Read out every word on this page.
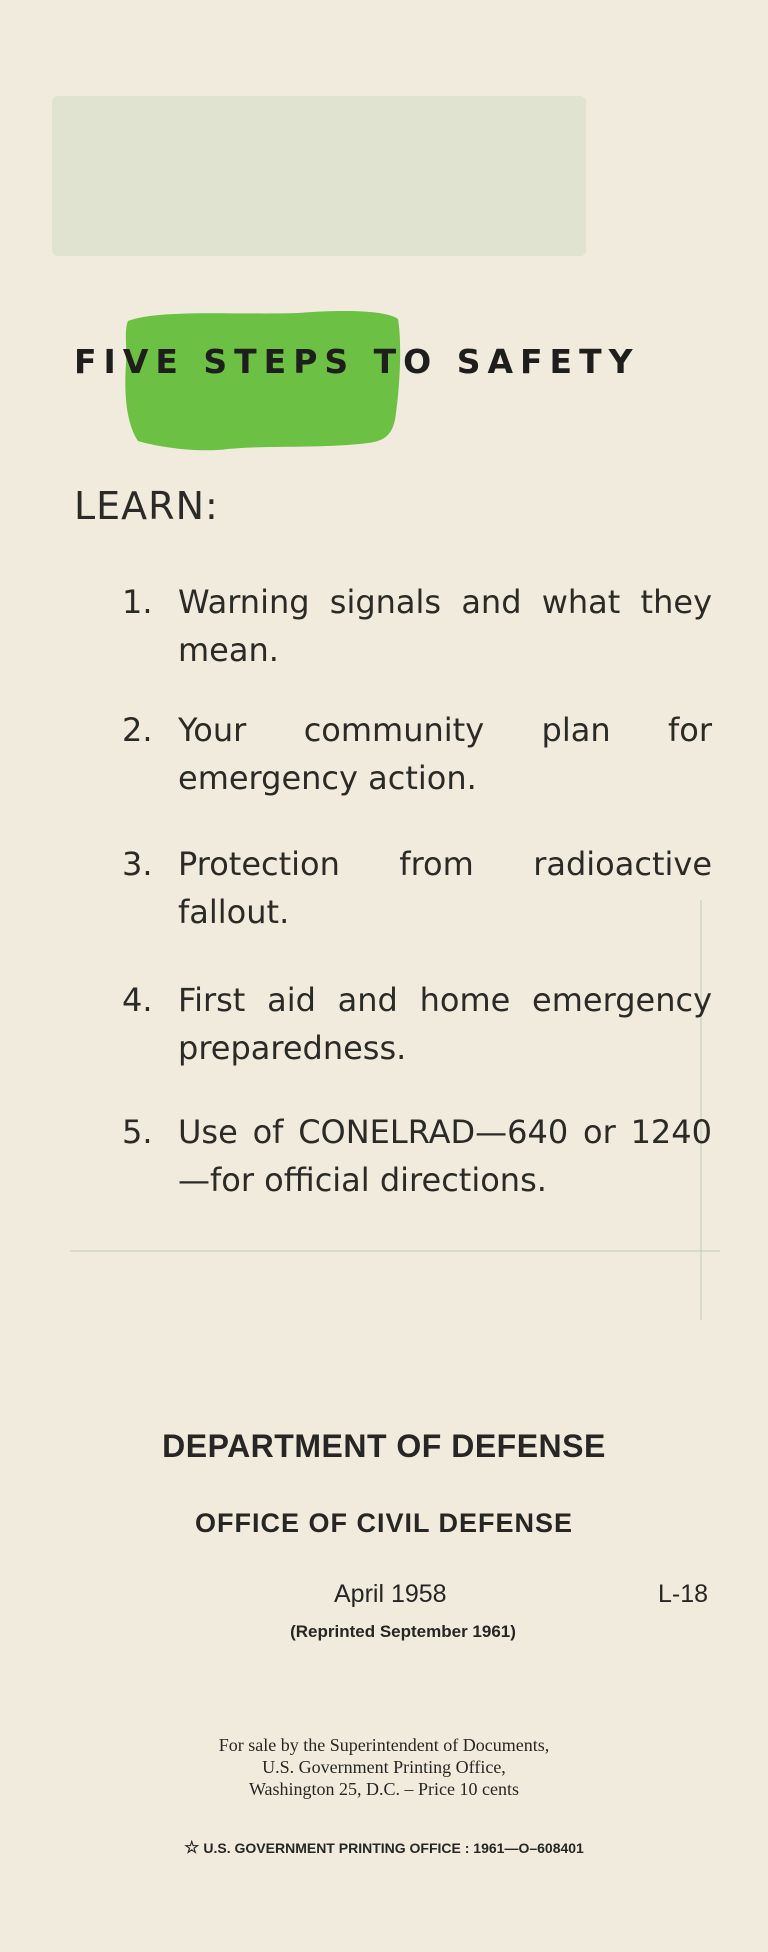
FIVE STEPS TO SAFETY
LEARN:
1. Warning signals and what they mean.
2. Your community plan for emergency action.
3. Protection from radioactive fallout.
4. First aid and home emergency preparedness.
5. Use of CONELRAD—640 or 1240—for official directions.
DEPARTMENT OF DEFENSE
OFFICE OF CIVIL DEFENSE
April 1958	L-18
(Reprinted September 1961)
For sale by the Superintendent of Documents,
U.S. Government Printing Office,
Washington 25, D.C. – Price 10 cents
☆ U.S. GOVERNMENT PRINTING OFFICE : 1961—O–608401
